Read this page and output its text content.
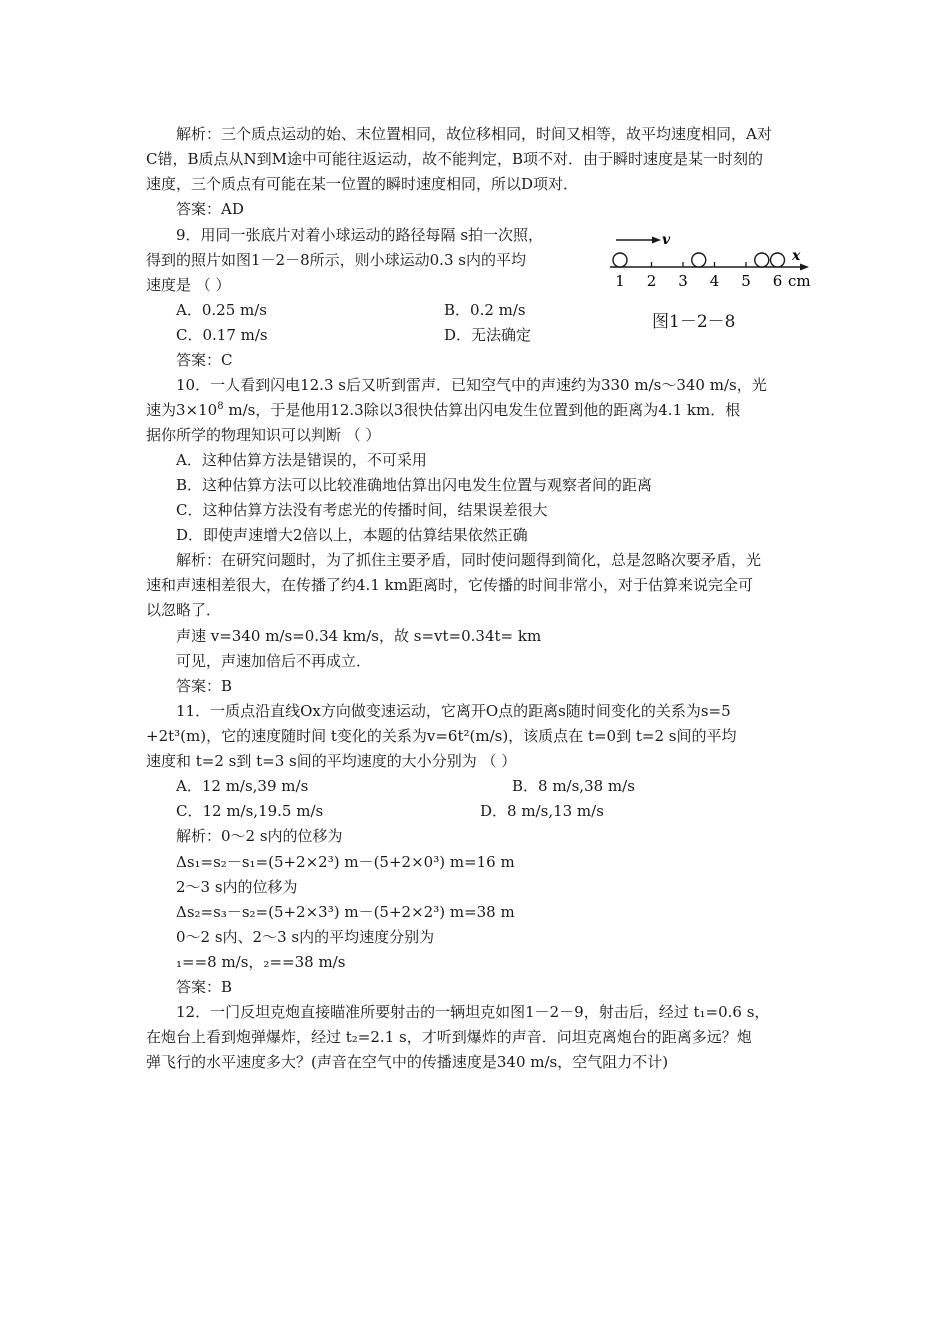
解析：三个质点运动的始、末位置相同，故位移相同，时间又相等，故平均速度相同，A对
C错，B质点从N到M途中可能往返运动，故不能判定，B项不对．由于瞬时速度是某一时刻的
速度，三个质点有可能在某一位置的瞬时速度相同，所以D项对．
答案：AD
9．用同一张底片对着小球运动的路径每隔 s拍一次照，
得到的照片如图1－2－8所示，则小球运动0.3 s内的平均
速度是 （ ）
A．0.25 m/s	B．0.2 m/s
C．0.17 m/s	D．无法确定
答案：C
v
x
1 2 3 4 5 6 cm
图1－2－8
10．一人看到闪电12.3 s后又听到雷声．已知空气中的声速约为330 m/s～340 m/s，光
速为$3\times 10^8$ m/s，于是他用12.3除以3很快估算出闪电发生位置到他的距离为4.1 km．根
据你所学的物理知识可以判断 （ ）
A．这种估算方法是错误的，不可采用
B．这种估算方法可以比较准确地估算出闪电发生位置与观察者间的距离
C．这种估算方法没有考虑光的传播时间，结果误差很大
D．即使声速增大2倍以上，本题的估算结果依然正确
解析：在研究问题时，为了抓住主要矛盾，同时使问题得到简化，总是忽略次要矛盾，光
速和声速相差很大，在传播了约4.1 km距离时，它传播的时间非常小，对于估算来说完全可
以忽略了．
声速 v=340 m/s=0.34 km/s，故 s=vt=0.34t= km
可见，声速加倍后不再成立．
答案：B
11．一质点沿直线Ox方向做变速运动，它离开O点的距离s随时间变化的关系为s=5
+2t³(m)，它的速度随时间 t变化的关系为v=6t²(m/s)，该质点在 t=0到 t=2 s间的平均
速度和 t=2 s到 t=3 s间的平均速度的大小分别为 （ ）
A．12 m/s,39 m/s	B．8 m/s,38 m/s
C．12 m/s,19.5 m/s	D．8 m/s,13 m/s
解析：0～2 s内的位移为
Δs₁=s₂－s₁=(5+2×2³) m－(5+2×0³) m=16 m
2～3 s内的位移为
Δs₂=s₃－s₂=(5+2×3³) m－(5+2×2³) m=38 m
0～2 s内、2～3 s内的平均速度分别为
₁==8 m/s，₂==38 m/s
答案：B
12．一门反坦克炮直接瞄准所要射击的一辆坦克如图1－2－9，射击后，经过 t₁=0.6 s，
在炮台上看到炮弹爆炸，经过 t₂=2.1 s，才听到爆炸的声音．问坦克离炮台的距离多远？炮
弹飞行的水平速度多大？(声音在空气中的传播速度是340 m/s，空气阻力不计)
